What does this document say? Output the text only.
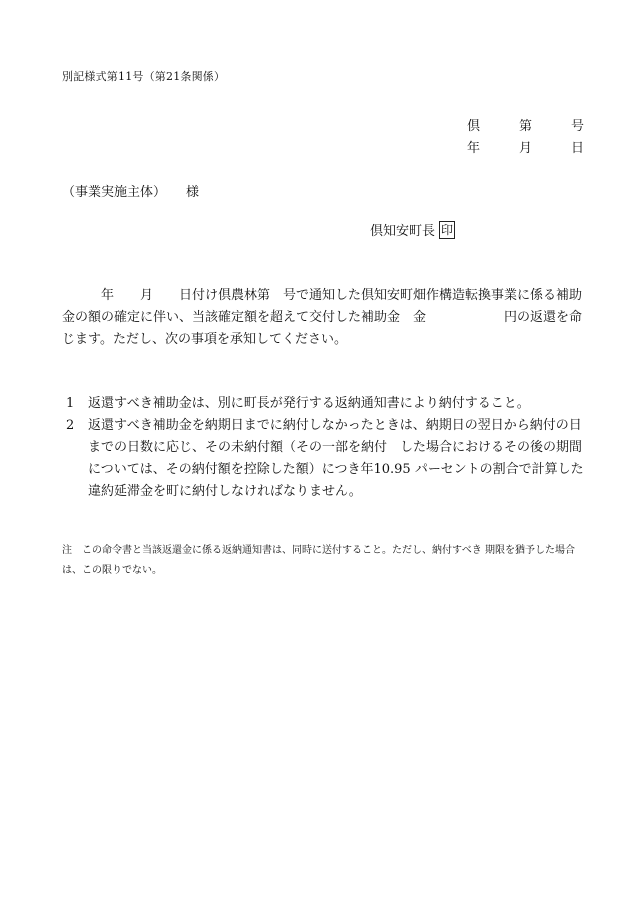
別記様式第11号（第21条関係）
倶	第	号
年	月	日
（事業実施主体） 様
倶知安町長 印
　　　年　　月　　日付け倶農林第　号で通知した倶知安町畑作構造転換事業に係る補助金の額の確定に伴い、当該確定額を超えて交付した補助金　金　　　　　　円の返還を命じます。ただし、次の事項を承知してください。
1	返還すべき補助金は、別に町長が発行する返納通知書により納付すること。
2	返還すべき補助金を納期日までに納付しなかったときは、納期日の翌日から納付の日までの日数に応じ、その未納付額（その一部を納付　した場合におけるその後の期間については、その納付額を控除した額）につき年10.95 パーセントの割合で計算した違約延滞金を町に納付しなければなりません。
注　 この命令書と当該返還金に係る返納通知書は、同時に送付すること。ただし、納付すべき 期限を猶予した場合は、この限りでない。
